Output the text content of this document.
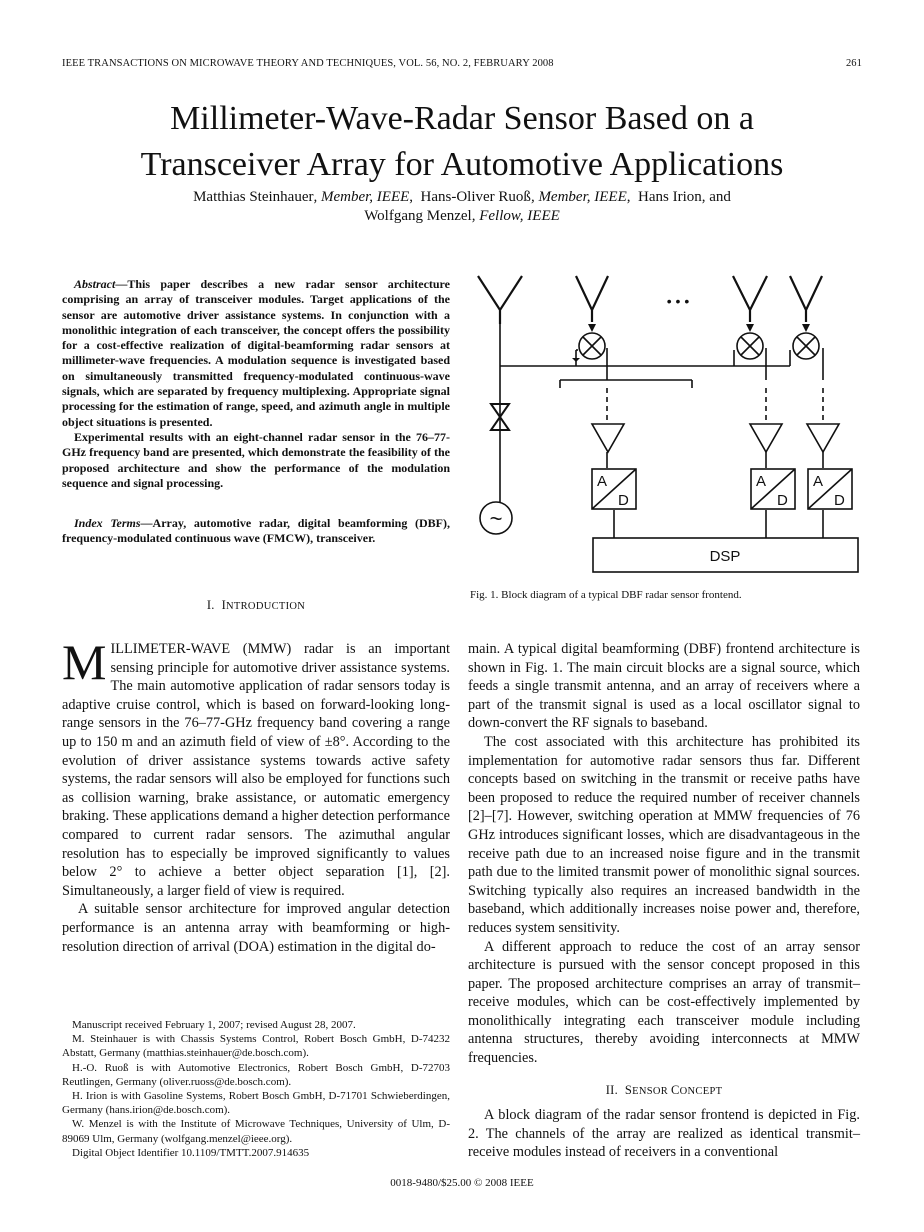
IEEE TRANSACTIONS ON MICROWAVE THEORY AND TECHNIQUES, VOL. 56, NO. 2, FEBRUARY 2008	261
Millimeter-Wave-Radar Sensor Based on a
Transceiver Array for Automotive Applications
Matthias Steinhauer, Member, IEEE,  Hans-Oliver Ruoß, Member, IEEE,  Hans Irion, and
Wolfgang Menzel, Fellow, IEEE

Abstract—This paper describes a new radar sensor architecture comprising an array of transceiver modules. Target applications of the sensor are automotive driver assistance systems. In conjunction with a monolithic integration of each transceiver, the concept offers the possibility for a cost-effective realization of digital-beamforming radar sensors at millimeter-wave frequencies. A modulation sequence is investigated based on simultaneously transmitted frequency-modulated continuous-wave signals, which are separated by frequency multiplexing. Appropriate signal processing for the estimation of range, speed, and azimuth angle in multiple object situations is presented.

Experimental results with an eight-channel radar sensor in the 76–77-GHz frequency band are presented, which demonstrate the feasibility of the proposed architecture and show the performance of the modulation sequence and signal processing.

Index Terms—Array, automotive radar, digital beamforming (DBF), frequency-modulated continuous wave (FMCW), transceiver.
I. INTRODUCTION

MILLIMETER-WAVE (MMW) radar is an important sensing principle for automotive driver assistance systems. The main automotive application of radar sensors today is adaptive cruise control, which is based on forward-looking long-range sensors in the 76–77-GHz frequency band covering a range up to 150 m and an azimuth field of view of ±8°. According to the evolution of driver assistance systems towards active safety systems, the radar sensors will also be employed for functions such as collision warning, brake assistance, or automatic emergency braking. These applications demand a higher detection performance compared to current radar sensors. The azimuthal angular resolution has to especially be improved significantly to values below 2° to achieve a better object separation [1], [2]. Simultaneously, a larger field of view is required.

A suitable sensor architecture for improved angular detection performance is an antenna array with beamforming or high-resolution direction of arrival (DOA) estimation in the digital do-

Manuscript received February 1, 2007; revised August 28, 2007.

M. Steinhauer is with Chassis Systems Control, Robert Bosch GmbH, D-74232 Abstatt, Germany (matthias.steinhauer@de.bosch.com).

H.-O. Ruoß is with Automotive Electronics, Robert Bosch GmbH, D-72703 Reutlingen, Germany (oliver.ruoss@de.bosch.com).

H. Irion is with Gasoline Systems, Robert Bosch GmbH, D-71701 Schwieberdingen, Germany (hans.irion@de.bosch.com).

W. Menzel is with the Institute of Microwave Techniques, University of Ulm, D-89069 Ulm, Germany (wolfgang.menzel@ieee.org).

Digital Object Identifier 10.1109/TMTT.2007.914635

A
D
A
D
A
D
DSP
~
• • •
Fig. 1. Block diagram of a typical DBF radar sensor frontend.

main. A typical digital beamforming (DBF) frontend architecture is shown in Fig. 1. The main circuit blocks are a signal source, which feeds a single transmit antenna, and an array of receivers where a part of the transmit signal is used as a local oscillator signal to down-convert the RF signals to baseband.

The cost associated with this architecture has prohibited its implementation for automotive radar sensors thus far. Different concepts based on switching in the transmit or receive paths have been proposed to reduce the required number of receiver channels [2]–[7]. However, switching operation at MMW frequencies of 76 GHz introduces significant losses, which are disadvantageous in the receive path due to an increased noise figure and in the transmit path due to the limited transmit power of monolithic signal sources. Switching typically also requires an increased bandwidth in the baseband, which additionally increases noise power and, therefore, reduces system sensitivity.

A different approach to reduce the cost of an array sensor architecture is pursued with the sensor concept proposed in this paper. The proposed architecture comprises an array of transmit–receive modules, which can be cost-effectively implemented by monolithically integrating each transceiver module including antenna structures, thereby avoiding interconnects at MMW frequencies.

II. SENSOR CONCEPT

A block diagram of the radar sensor frontend is depicted in Fig. 2. The channels of the array are realized as identical transmit–receive modules instead of receivers in a conventional

0018-9480/$25.00 © 2008 IEEE
